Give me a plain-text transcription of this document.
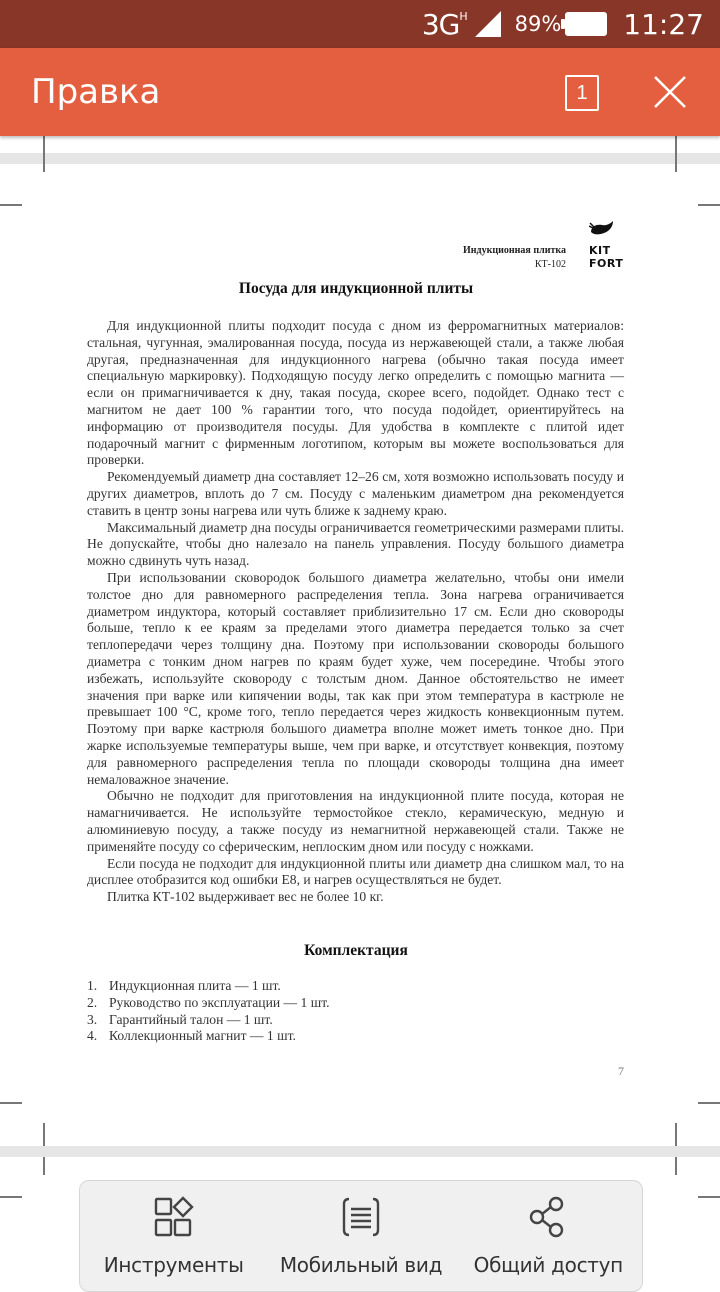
$3G^H$ 89% 11:27
Правка	1
Индукционная плитка
КТ-102
KIT
FORT
Посуда для индукционной плиты

Для индукционной плиты подходит посуда с дном из ферромагнитных материалов: стальная, чугунная, эмалированная посуда, посуда из нержавеющей стали, а также любая другая, предназначенная для индукционного нагрева (обычно такая посуда имеет специальную маркировку). Подходящую посуду легко определить с помощью магнита — если он примагничивается к дну, такая посуда, скорее всего, подойдет. Однако тест с магнитом не дает 100 % гарантии того, что посуда подойдет, ориентируйтесь на информацию от производителя посуды. Для удобства в комплекте с плитой идет подарочный магнит с фирменным логотипом, которым вы можете воспользоваться для проверки.

Рекомендуемый диаметр дна составляет 12–26 см, хотя возможно использовать посуду и других диаметров, вплоть до 7 см. Посуду с маленьким диаметром дна рекомендуется ставить в центр зоны нагрева или чуть ближе к заднему краю.

Максимальный диаметр дна посуды ограничивается геометрическими размерами плиты. Не допускайте, чтобы дно налезало на панель управления. Посуду большого диаметра можно сдвинуть чуть назад.

При использовании сковородок большого диаметра желательно, чтобы они имели толстое дно для равномерного распределения тепла. Зона нагрева ограничивается диаметром индуктора, который составляет приблизительно 17 см. Если дно сковороды больше, тепло к ее краям за пределами этого диаметра передается только за счет теплопередачи через толщину дна. Поэтому при использовании сковороды большого диаметра с тонким дном нагрев по краям будет хуже, чем посередине. Чтобы этого избежать, используйте сковороду с толстым дном. Данное обстоятельство не имеет значения при варке или кипячении воды, так как при этом температура в кастрюле не превышает 100 °С, кроме того, тепло передается через жидкость конвекционным путем. Поэтому при варке кастрюля большого диаметра вполне может иметь тонкое дно. При жарке используемые температуры выше, чем при варке, и отсутствует конвекция, поэтому для равномерного распределения тепла по площади сковороды толщина дна имеет немаловажное значение.

Обычно не подходит для приготовления на индукционной плите посуда, которая не намагничивается. Не используйте термостойкое стекло, керамическую, медную и алюминиевую посуду, а также посуду из немагнитной нержавеющей стали. Также не применяйте посуду со сферическим, неплоским дном или посуду с ножками.

Если посуда не подходит для индукционной плиты или диаметр дна слишком мал, то на дисплее отобразится код ошибки Е8, и нагрев осуществляться не будет.

Плитка КТ-102 выдерживает вес не более 10 кг.

Комплектация
1. Индукционная плита — 1 шт.
2. Руководство по эксплуатации — 1 шт.
3. Гарантийный талон — 1 шт.
4. Коллекционный магнит — 1 шт.
7
Инструменты Мобильный вид Общий доступ
